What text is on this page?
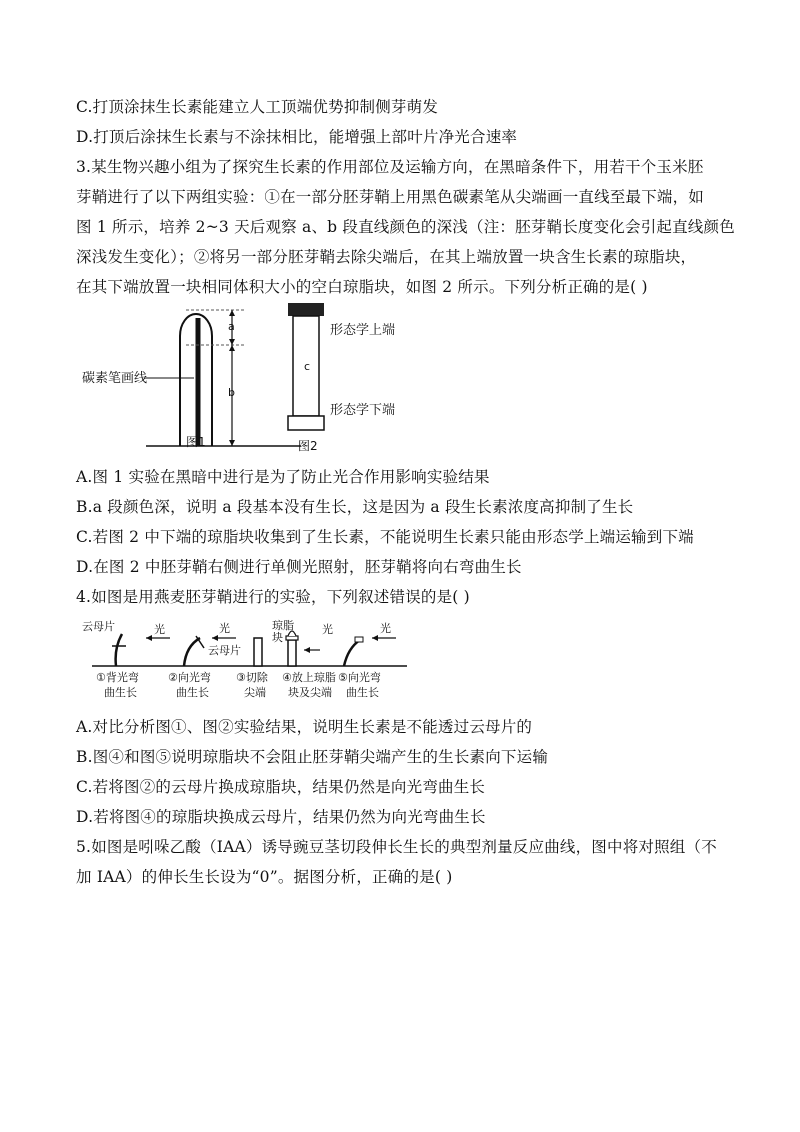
C.打顶涂抹生长素能建立人工顶端优势抑制侧芽萌发
D.打顶后涂抹生长素与不涂抹相比，能增强上部叶片净光合速率
3.某生物兴趣小组为了探究生长素的作用部位及运输方向，在黑暗条件下，用若干个玉米胚
芽鞘进行了以下两组实验：①在一部分胚芽鞘上用黑色碳素笔从尖端画一直线至最下端，如
图 1 所示，培养 2~3 天后观察 a、b 段直线颜色的深浅（注：胚芽鞘长度变化会引起直线颜色
深浅发生变化）；②将另一部分胚芽鞘去除尖端后，在其上端放置一块含生长素的琼脂块，
在其下端放置一块相同体积大小的空白琼脂块，如图 2 所示。下列分析正确的是( )
a
b
碳素笔画线
图1
c
形态学上端
形态学下端
图2
A.图 1 实验在黑暗中进行是为了防止光合作用影响实验结果
B.a 段颜色深，说明 a 段基本没有生长，这是因为 a 段生长素浓度高抑制了生长
C.若图 2 中下端的琼脂块收集到了生长素，不能说明生长素只能由形态学上端运输到下端
D.在图 2 中胚芽鞘右侧进行单侧光照射，胚芽鞘将向右弯曲生长
4.如图是用燕麦胚芽鞘进行的实验，下列叙述错误的是( )
云母片	光	光
云母片
琼脂
块
光	光
①背光弯
曲生长
②向光弯
曲生长
③切除
尖端
④放上琼脂
块及尖端
⑤向光弯
曲生长
A.对比分析图①、图②实验结果，说明生长素是不能透过云母片的
B.图④和图⑤说明琼脂块不会阻止胚芽鞘尖端产生的生长素向下运输
C.若将图②的云母片换成琼脂块，结果仍然是向光弯曲生长
D.若将图④的琼脂块换成云母片，结果仍然为向光弯曲生长
5.如图是吲哚乙酸（IAA）诱导豌豆茎切段伸长生长的典型剂量反应曲线，图中将对照组（不
加 IAA）的伸长生长设为“0”。据图分析，正确的是( )
